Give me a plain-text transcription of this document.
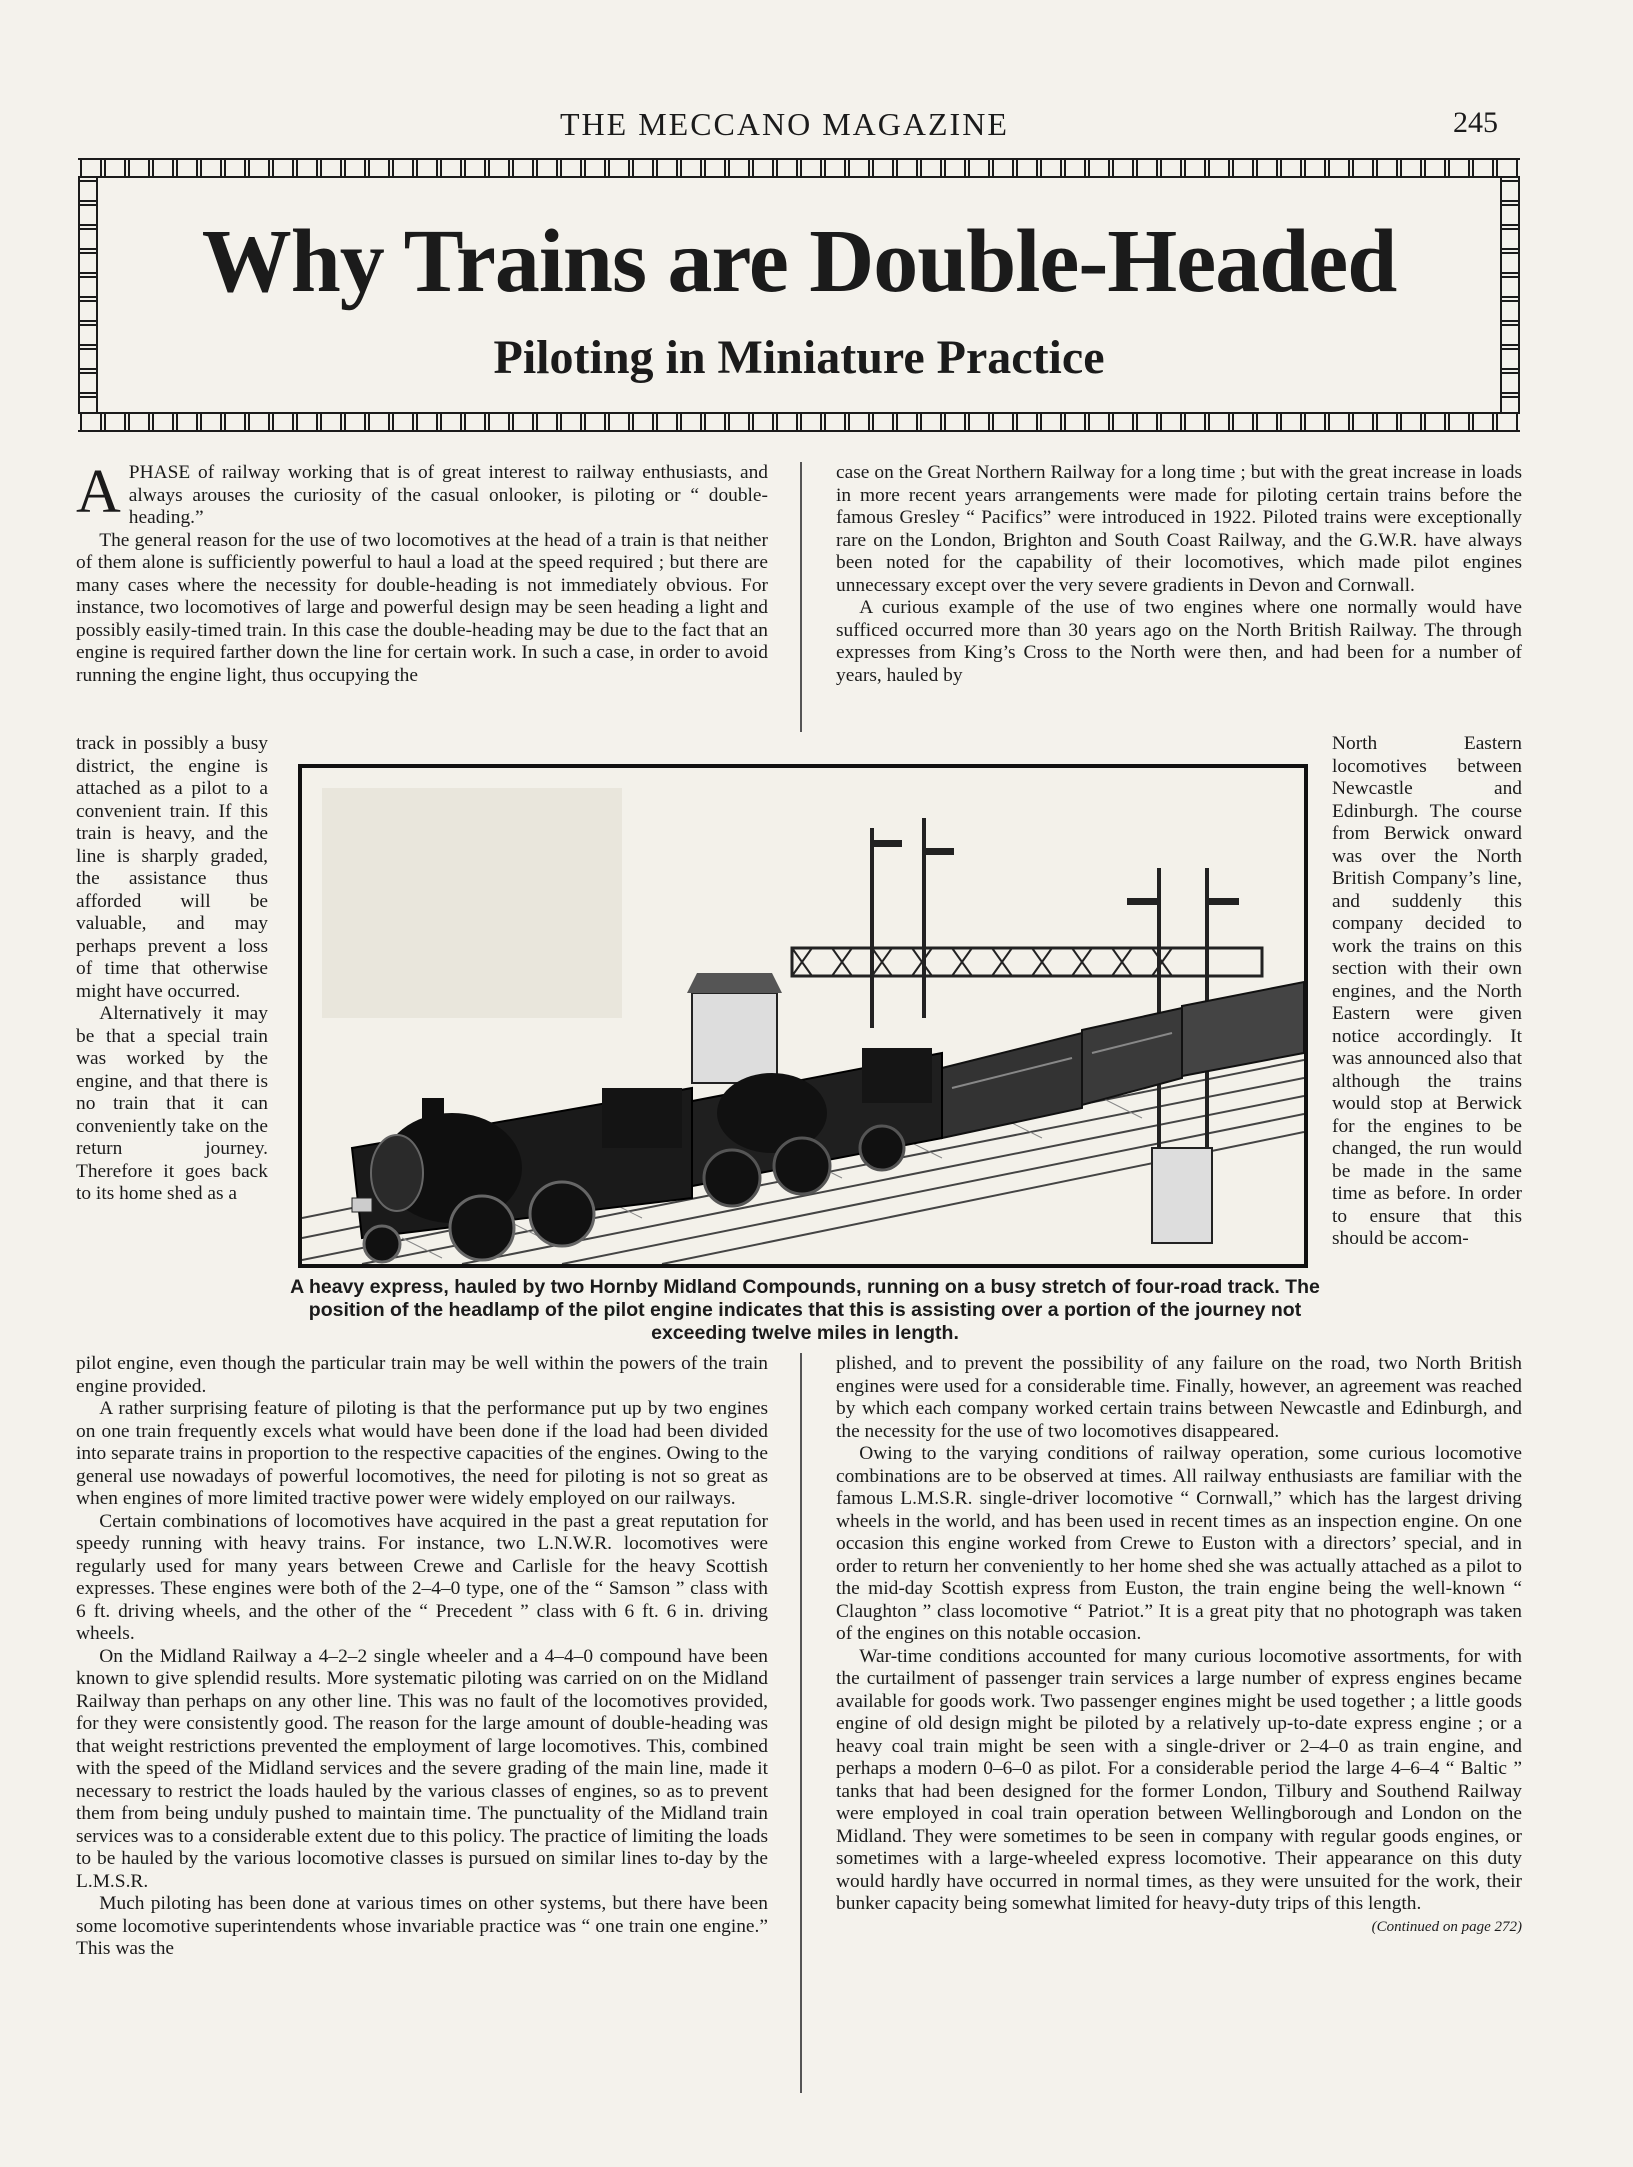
THE MECCANO MAGAZINE	245
Why Trains are Double-Headed
Piloting in Miniature Practice

APHASE of railway working that is of great interest to railway enthusiasts, and always arouses the curiosity of the casual onlooker, is piloting or “ double-heading.”

The general reason for the use of two locomotives at the head of a train is that neither of them alone is sufficiently powerful to haul a load at the speed required ; but there are many cases where the necessity for double-heading is not immediately obvious. For instance, two locomotives of large and powerful design may be seen heading a light and possibly easily-timed train. In this case the double-heading may be due to the fact that an engine is required farther down the line for certain work. In such a case, in order to avoid running the engine light, thus occupying the

track in possibly a busy district, the engine is attached as a pilot to a convenient train. If this train is heavy, and the line is sharply graded, the assistance thus afforded will be valuable, and may perhaps prevent a loss of time that otherwise might have occurred.

Alternatively it may be that a special train was worked by the engine, and that there is no train that it can conveniently take on the return journey. Therefore it goes back to its home shed as a

case on the Great Northern Railway for a long time ; but with the great increase in loads in more recent years arrangements were made for piloting certain trains before the famous Gresley “ Pacifics” were introduced in 1922. Piloted trains were exceptionally rare on the London, Brighton and South Coast Railway, and the G.W.R. have always been noted for the capability of their locomotives, which made pilot engines unnecessary except over the very severe gradients in Devon and Cornwall.

A curious example of the use of two engines where one normally would have sufficed occurred more than 30 years ago on the North British Railway. The through expresses from King’s Cross to the North were then, and had been for a number of years, hauled by

North Eastern locomotives between Newcastle and Edinburgh. The course from Berwick onward was over the North British Company’s line, and suddenly this company decided to work the trains on this section with their own engines, and the North Eastern were given notice accordingly. It was announced also that although the trains would stop at Berwick for the engines to be changed, the run would be made in the same time as before. In order to ensure that this should be accom-

A heavy express, hauled by two Hornby Midland Compounds, running on a busy stretch of four-road track. The position of the headlamp of the pilot engine indicates that this is assisting over a portion of the journey not exceeding twelve miles in length.

pilot engine, even though the particular train may be well within the powers of the train engine provided.

A rather surprising feature of piloting is that the performance put up by two engines on one train frequently excels what would have been done if the load had been divided into separate trains in proportion to the respective capacities of the engines. Owing to the general use nowadays of powerful locomotives, the need for piloting is not so great as when engines of more limited tractive power were widely employed on our railways.

Certain combinations of locomotives have acquired in the past a great reputation for speedy running with heavy trains. For instance, two L.N.W.R. locomotives were regularly used for many years between Crewe and Carlisle for the heavy Scottish expresses. These engines were both of the 2–4–0 type, one of the “ Samson ” class with 6 ft. driving wheels, and the other of the “ Precedent ” class with 6 ft. 6 in. driving wheels.

On the Midland Railway a 4–2–2 single wheeler and a 4–4–0 compound have been known to give splendid results. More systematic piloting was carried on on the Midland Railway than perhaps on any other line. This was no fault of the locomotives provided, for they were consistently good. The reason for the large amount of double-heading was that weight restrictions prevented the employment of large locomotives. This, combined with the speed of the Midland services and the severe grading of the main line, made it necessary to restrict the loads hauled by the various classes of engines, so as to prevent them from being unduly pushed to maintain time. The punctuality of the Midland train services was to a considerable extent due to this policy. The practice of limiting the loads to be hauled by the various locomotive classes is pursued on similar lines to-day by the L.M.S.R.

Much piloting has been done at various times on other systems, but there have been some locomotive superintendents whose invariable practice was “ one train one engine.” This was the

plished, and to prevent the possibility of any failure on the road, two North British engines were used for a considerable time. Finally, however, an agreement was reached by which each company worked certain trains between Newcastle and Edinburgh, and the necessity for the use of two locomotives disappeared.

Owing to the varying conditions of railway operation, some curious locomotive combinations are to be observed at times. All railway enthusiasts are familiar with the famous L.M.S.R. single-driver locomotive “ Cornwall,” which has the largest driving wheels in the world, and has been used in recent times as an inspection engine. On one occasion this engine worked from Crewe to Euston with a directors’ special, and in order to return her conveniently to her home shed she was actually attached as a pilot to the mid-day Scottish express from Euston, the train engine being the well-known “ Claughton ” class locomotive “ Patriot.” It is a great pity that no photograph was taken of the engines on this notable occasion.

War-time conditions accounted for many curious locomotive assortments, for with the curtailment of passenger train services a large number of express engines became available for goods work. Two passenger engines might be used together ; a little goods engine of old design might be piloted by a relatively up-to-date express engine ; or a heavy coal train might be seen with a single-driver or 2–4–0 as train engine, and perhaps a modern 0–6–0 as pilot. For a considerable period the large 4–6–4 “ Baltic ” tanks that had been designed for the former London, Tilbury and Southend Railway were employed in coal train operation between Wellingborough and London on the Midland. They were sometimes to be seen in company with regular goods engines, or sometimes with a large-wheeled express locomotive. Their appearance on this duty would hardly have occurred in normal times, as they were unsuited for the work, their bunker capacity being somewhat limited for heavy-duty trips of this length.
(Continued on page 272)
